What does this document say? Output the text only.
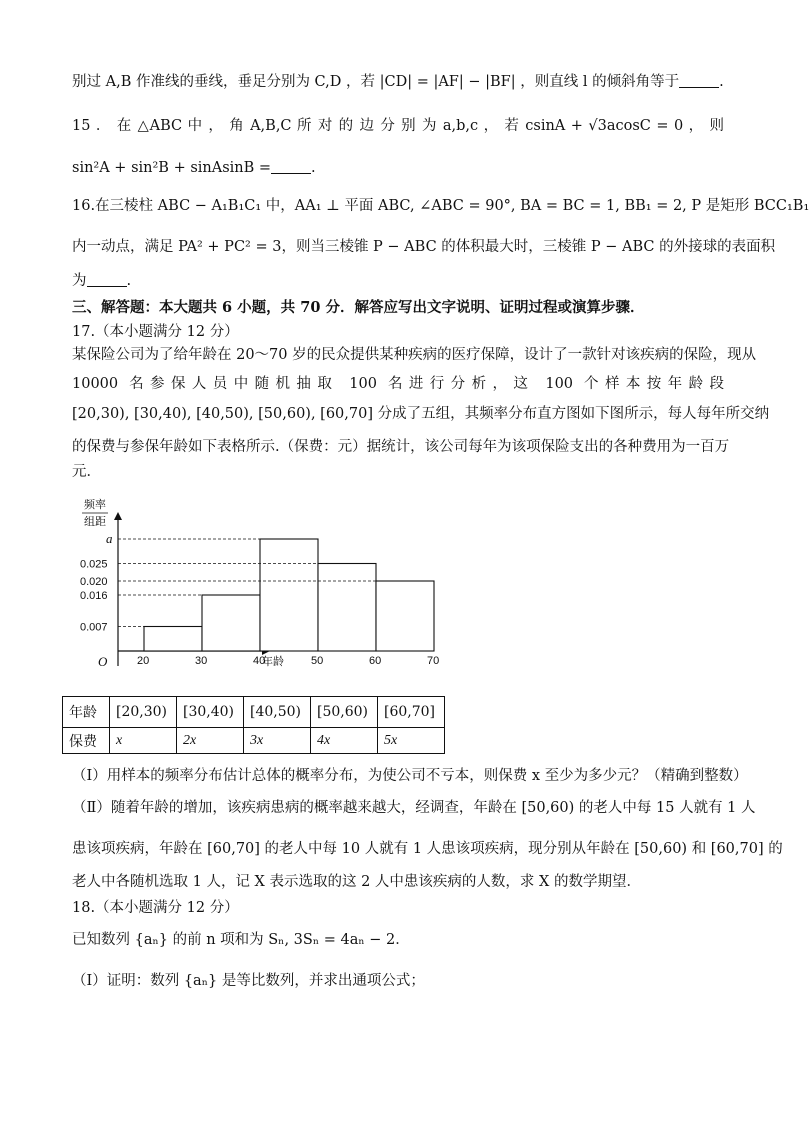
别过 A,B 作准线的垂线，垂足分别为 C,D ，若 |CD| = |AF| − |BF| ，则直线 l 的倾斜角等于	.
15 ． 在 △ABC 中 ， 角 A,B,C 所 对 的 边 分 别 为 a,b,c ， 若 csinA + √3acosC = 0 ， 则
sin²A + sin²B + sinAsinB =	.
16.在三棱柱 ABC − A₁B₁C₁ 中，AA₁ ⊥ 平面 ABC, ∠ABC = 90°, BA = BC = 1, BB₁ = 2, P 是矩形 BCC₁B₁
内一动点，满足 PA² + PC² = 3，则当三棱锥 P − ABC 的体积最大时，三棱锥 P − ABC 的外接球的表面积
为	.
三、解答题：本大题共 6 小题，共 70 分．解答应写出文字说明、证明过程或演算步骤．
17.（本小题满分 12 分）
某保险公司为了给年龄在 20～70 岁的民众提供某种疾病的医疗保障，设计了一款针对该疾病的保险，现从
10000 名参保人员中随机抽取 100 名进行分析，这 100 个样本按年龄段
[20,30), [30,40), [40,50), [50,60), [60,70] 分成了五组，其频率分布直方图如下图所示，每人每年所交纳
的保费与参保年龄如下表格所示.（保费：元）据统计，该公司每年为该项保险支出的各种费用为一百万
元．
频率
组距
年龄
O
0.007
0.016
0.020
0.025
a
20	30	40	50	60	70
年龄	[20,30)	[30,40)	[40,50)	[50,60)	[60,70]
保费	x	2x	3x	4x	5x
（Ⅰ）用样本的频率分布估计总体的概率分布，为使公司不亏本，则保费 x 至少为多少元？（精确到整数）
（Ⅱ）随着年龄的增加，该疾病患病的概率越来越大，经调查，年龄在 [50,60) 的老人中每 15 人就有 1 人
患该项疾病，年龄在 [60,70] 的老人中每 10 人就有 1 人患该项疾病，现分别从年龄在 [50,60) 和 [60,70] 的
老人中各随机选取 1 人，记 X 表示选取的这 2 人中患该疾病的人数，求 X 的数学期望．
18.（本小题满分 12 分）
已知数列 {aₙ} 的前 n 项和为 Sₙ, 3Sₙ = 4aₙ − 2．
（Ⅰ）证明：数列 {aₙ} 是等比数列，并求出通项公式；
